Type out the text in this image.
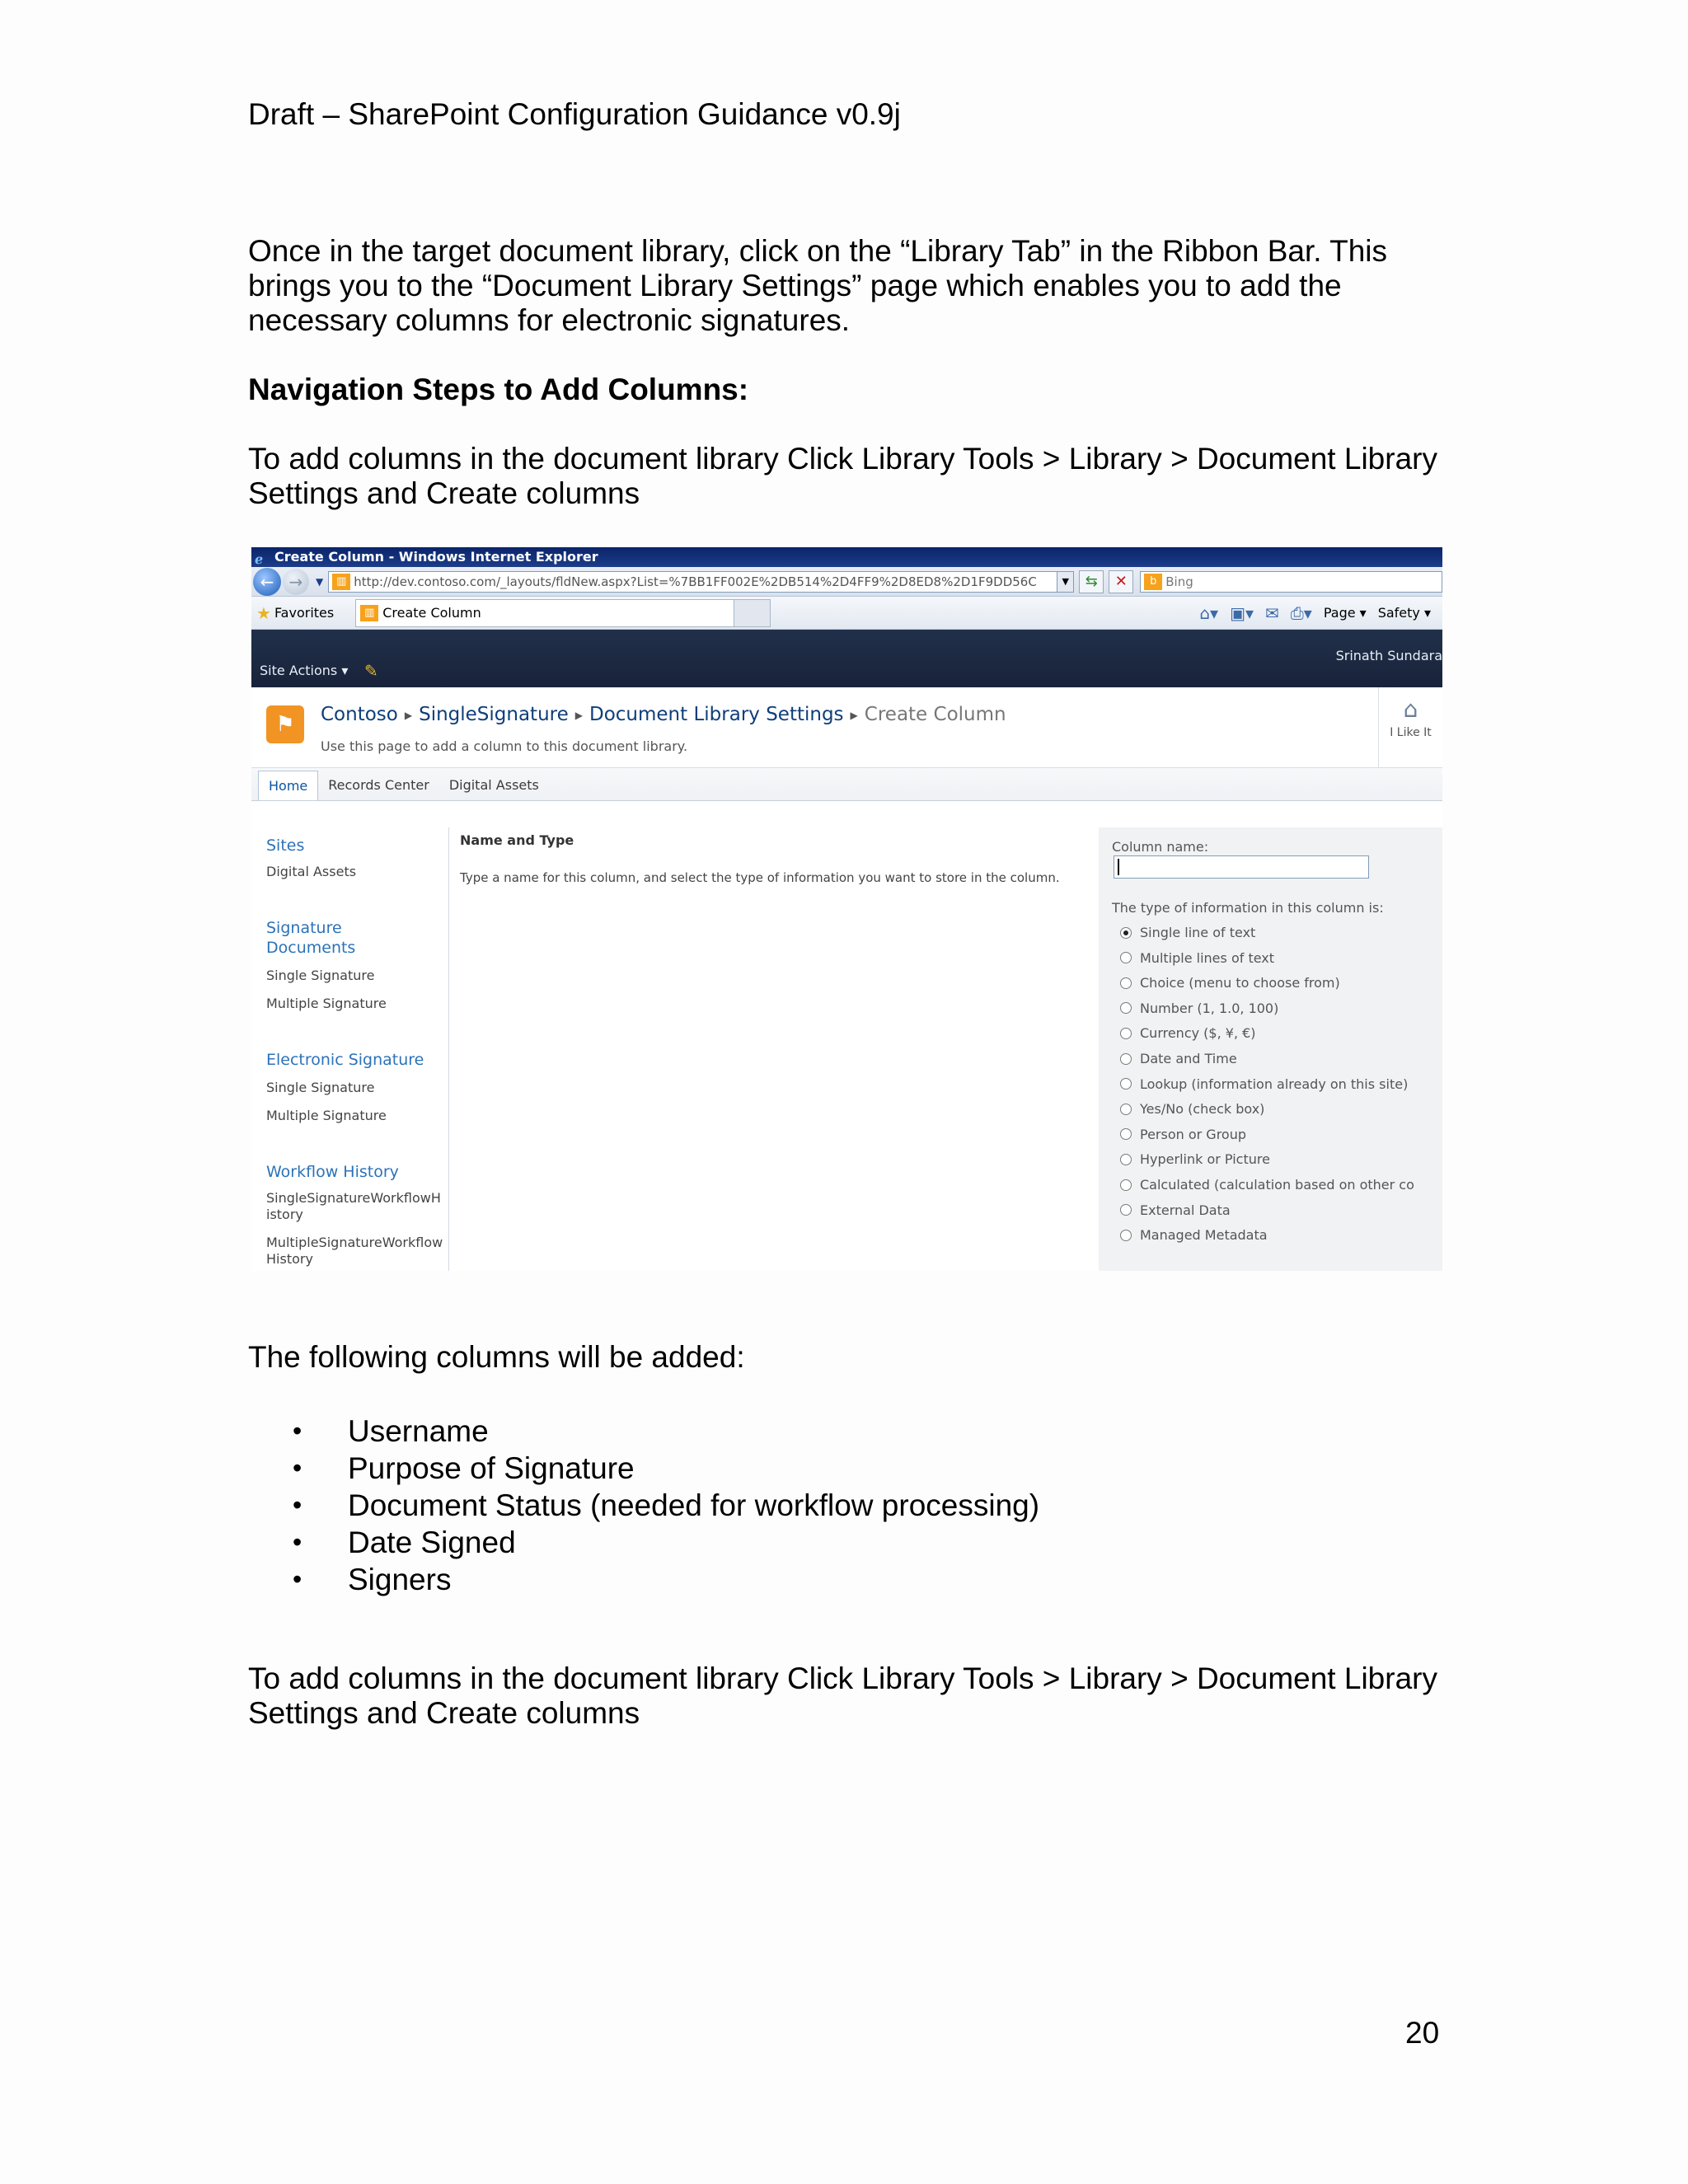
Draft – SharePoint Configuration Guidance v0.9j
Once in the target document library, click on the “Library Tab” in the Ribbon Bar. This brings you to the “Document Library Settings” page which enables you to add the necessary columns for electronic signatures.
Navigation Steps to Add Columns:
To add columns in the document library Click Library Tools > Library > Document Library Settings and Create columns
ℯ Create Column - Windows Internet Explorer
← →	▼	▥ http://dev.contoso.com/_layouts/fldNew.aspx?List=%7BB1FF002E%2DB514%2D4FF9%2D8ED8%2D1F9DD56C	▼	⇆	✕	b Bing
★ Favorites	▥ Create Column	⌂▾ ▣▾ ✉ ⎙▾ Page ▾ Safety ▾
Site Actions ▾ ✎
Srinath Sundara
⚑	Contoso ▶ SingleSignature ▶ Document Library Settings ▶ Create Column
Use this page to add a column to this document library.
⌂
I Like It
Home	Records Center	Digital Assets
Sites
Digital Assets
Signature Documents
Single Signature
Multiple Signature
Electronic Signature
Single Signature
Multiple Signature
Workflow History
SingleSignatureWorkflowHistory
MultipleSignatureWorkflowHistory
Name and Type
Type a name for this column, and select the type of information you want to store in the column.
Column name:
The type of information in this column is:
Single line of text
Multiple lines of text
Choice (menu to choose from)
Number (1, 1.0, 100)
Currency ($, ¥, €)
Date and Time
Lookup (information already on this site)
Yes/No (check box)
Person or Group
Hyperlink or Picture
Calculated (calculation based on other co
External Data
Managed Metadata
The following columns will be added:
• Username
• Purpose of Signature
• Document Status (needed for workflow processing)
• Date Signed
• Signers
To add columns in the document library Click Library Tools > Library > Document Library Settings and Create columns
20
